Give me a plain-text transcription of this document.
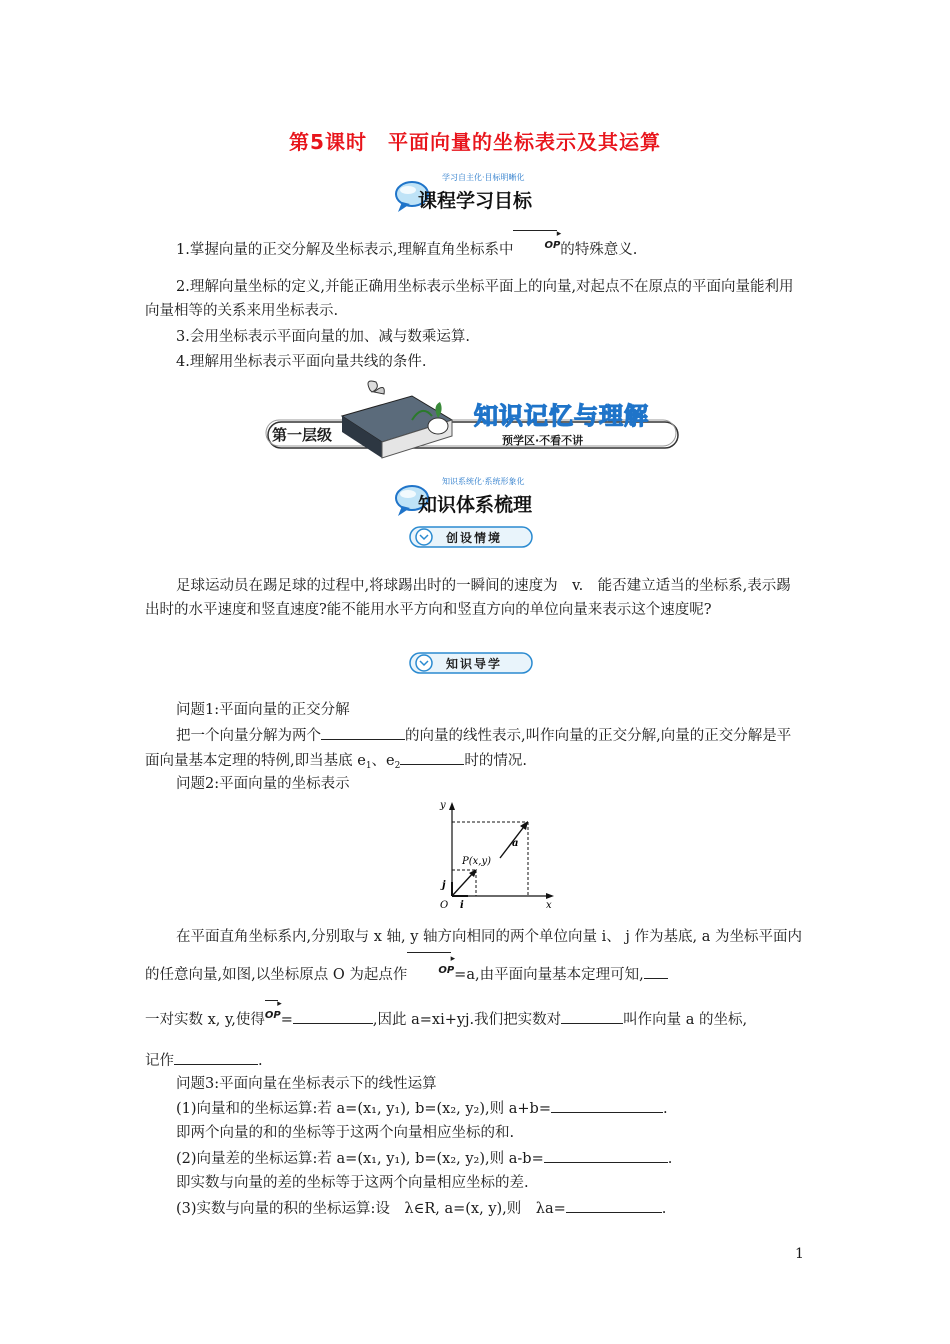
第5课时　平面向量的坐标表示及其运算
学习自主化·目标明晰化
课程学习目标
1.掌握向量的正交分解及坐标表示,理解直角坐标系中	OP ▸的特殊意义.
2.理解向量坐标的定义,并能正确用坐标表示坐标平面上的向量,对起点不在原点的平面向量能利用向量相等的关系来用坐标表示.
3.会用坐标表示平面向量的加、减与数乘运算.
4.理解用坐标表示平面向量共线的条件.
第一层级
知识记忆与理解
预学区·不看不讲
知识系统化·系统形象化
知识体系梳理
创设情境
足球运动员在踢足球的过程中,将球踢出时的一瞬间的速度为　v.　能否建立适当的坐标系,表示踢出时的水平速度和竖直速度?能不能用水平方向和竖直方向的单位向量来表示这个速度呢?
知识导学
问题1:平面向量的正交分解
把一个向量分解为两个	的向量的线性表示,叫作向量的正交分解,向量的正交分解是平面向量基本定理的特例,即当基底 $e_1$、$e_2$	时的情况.
问题2:平面向量的坐标表示
y
x
O i
j
P(x,y)
a
在平面直角坐标系内,分别取与 x 轴, y 轴方向相同的两个单位向量 i、 j 作为基底, a 为坐标平面内的任意向量,如图,以坐标原点 O 为起点作	OP ▸=a,由平面向量基本定理可知,
一对实数 x, y,使得OP ▸=	,因此 a=xi+yj.我们把实数对	叫作向量 a 的坐标,
记作	.
问题3:平面向量在坐标表示下的线性运算
(1)向量和的坐标运算:若 a=(x₁, y₁), b=(x₂, y₂),则 a+b=	.
即两个向量的和的坐标等于这两个向量相应坐标的和.
(2)向量差的坐标运算:若 a=(x₁, y₁), b=(x₂, y₂),则 a-b=	.
即实数与向量的差的坐标等于这两个向量相应坐标的差.
(3)实数与向量的积的坐标运算:设　λ∈R, a=(x, y),则　λa=	.
1
